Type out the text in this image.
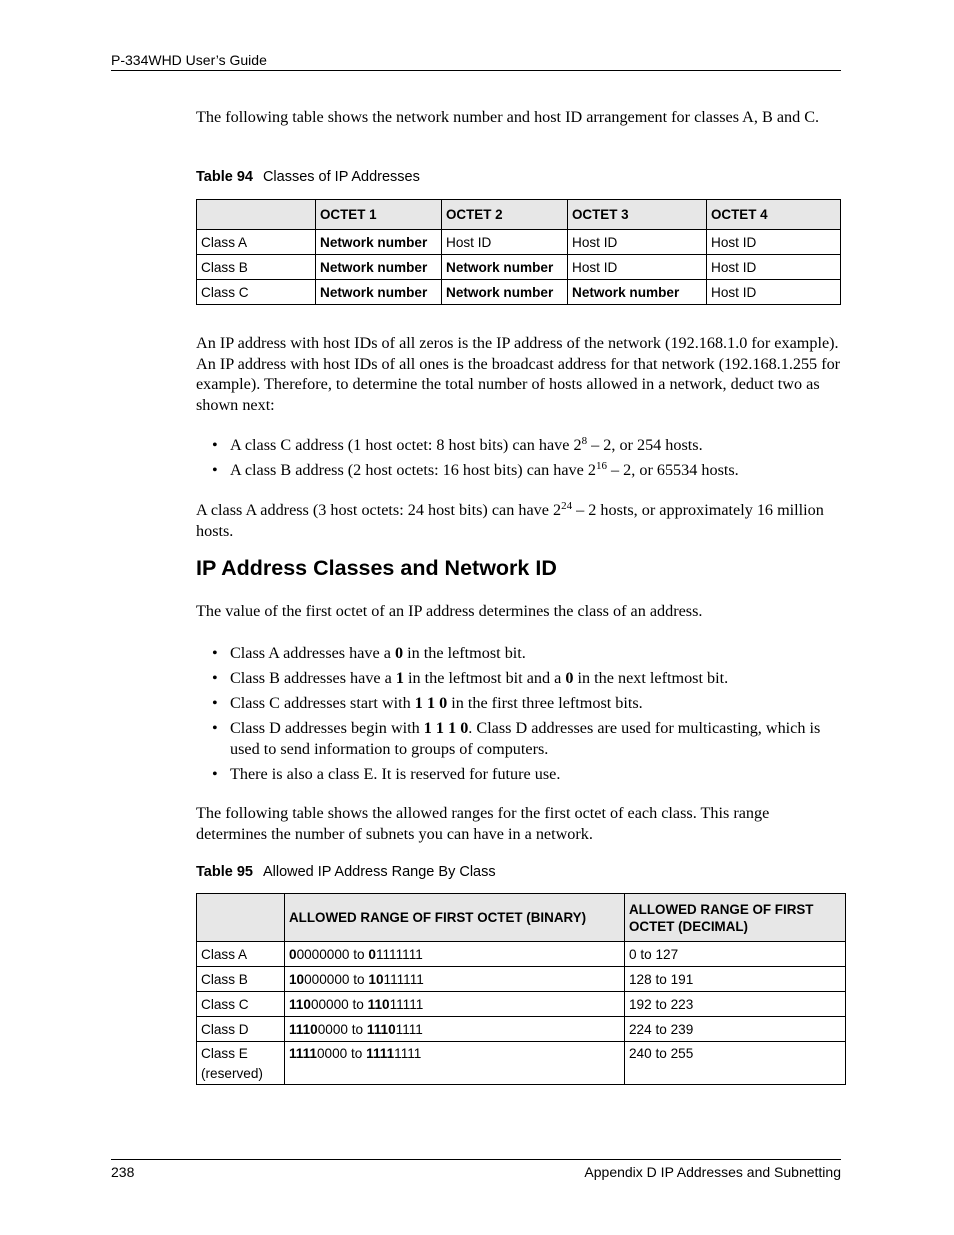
P-334WHD User’s Guide
The following table shows the network number and host ID arrangement for classes A, B and C.
Table 94 Classes of IP Addresses
	OCTET 1	OCTET 2	OCTET 3	OCTET 4
Class A	Network number	Host ID	Host ID	Host ID
Class B	Network number	Network number	Host ID	Host ID
Class C	Network number	Network number	Network number	Host ID
An IP address with host IDs of all zeros is the IP address of the network (192.168.1.0 for example). An IP address with host IDs of all ones is the broadcast address for that network (192.168.1.255 for example). Therefore, to determine the total number of hosts allowed in a network, deduct two as shown next:
• A class C address (1 host octet: 8 host bits) can have $2^8 - 2$, or 254 hosts.
• A class B address (2 host octets: 16 host bits) can have $2^{16} - 2$, or 65534 hosts.
A class A address (3 host octets: 24 host bits) can have $2^{24} - 2$ hosts, or approximately 16 million hosts.
IP Address Classes and Network ID
The value of the first octet of an IP address determines the class of an address.
• Class A addresses have a 0 in the leftmost bit.
• Class B addresses have a 1 in the leftmost bit and a 0 in the next leftmost bit.
• Class C addresses start with 1 1 0 in the first three leftmost bits.
• Class D addresses begin with 1 1 1 0. Class D addresses are used for multicasting, which is used to send information to groups of computers.
• There is also a class E. It is reserved for future use.
The following table shows the allowed ranges for the first octet of each class. This range determines the number of subnets you can have in a network.
Table 95 Allowed IP Address Range By Class
	ALLOWED RANGE OF FIRST OCTET (BINARY)	ALLOWED RANGE OF FIRST OCTET (DECIMAL)
Class A	00000000 to 01111111	0 to 127
Class B	10000000 to 10111111	128 to 191
Class C	11000000 to 11011111	192 to 223
Class D	11100000 to 11101111	224 to 239
Class E (reserved)	11110000 to 11111111	240 to 255
238	Appendix D IP Addresses and Subnetting
